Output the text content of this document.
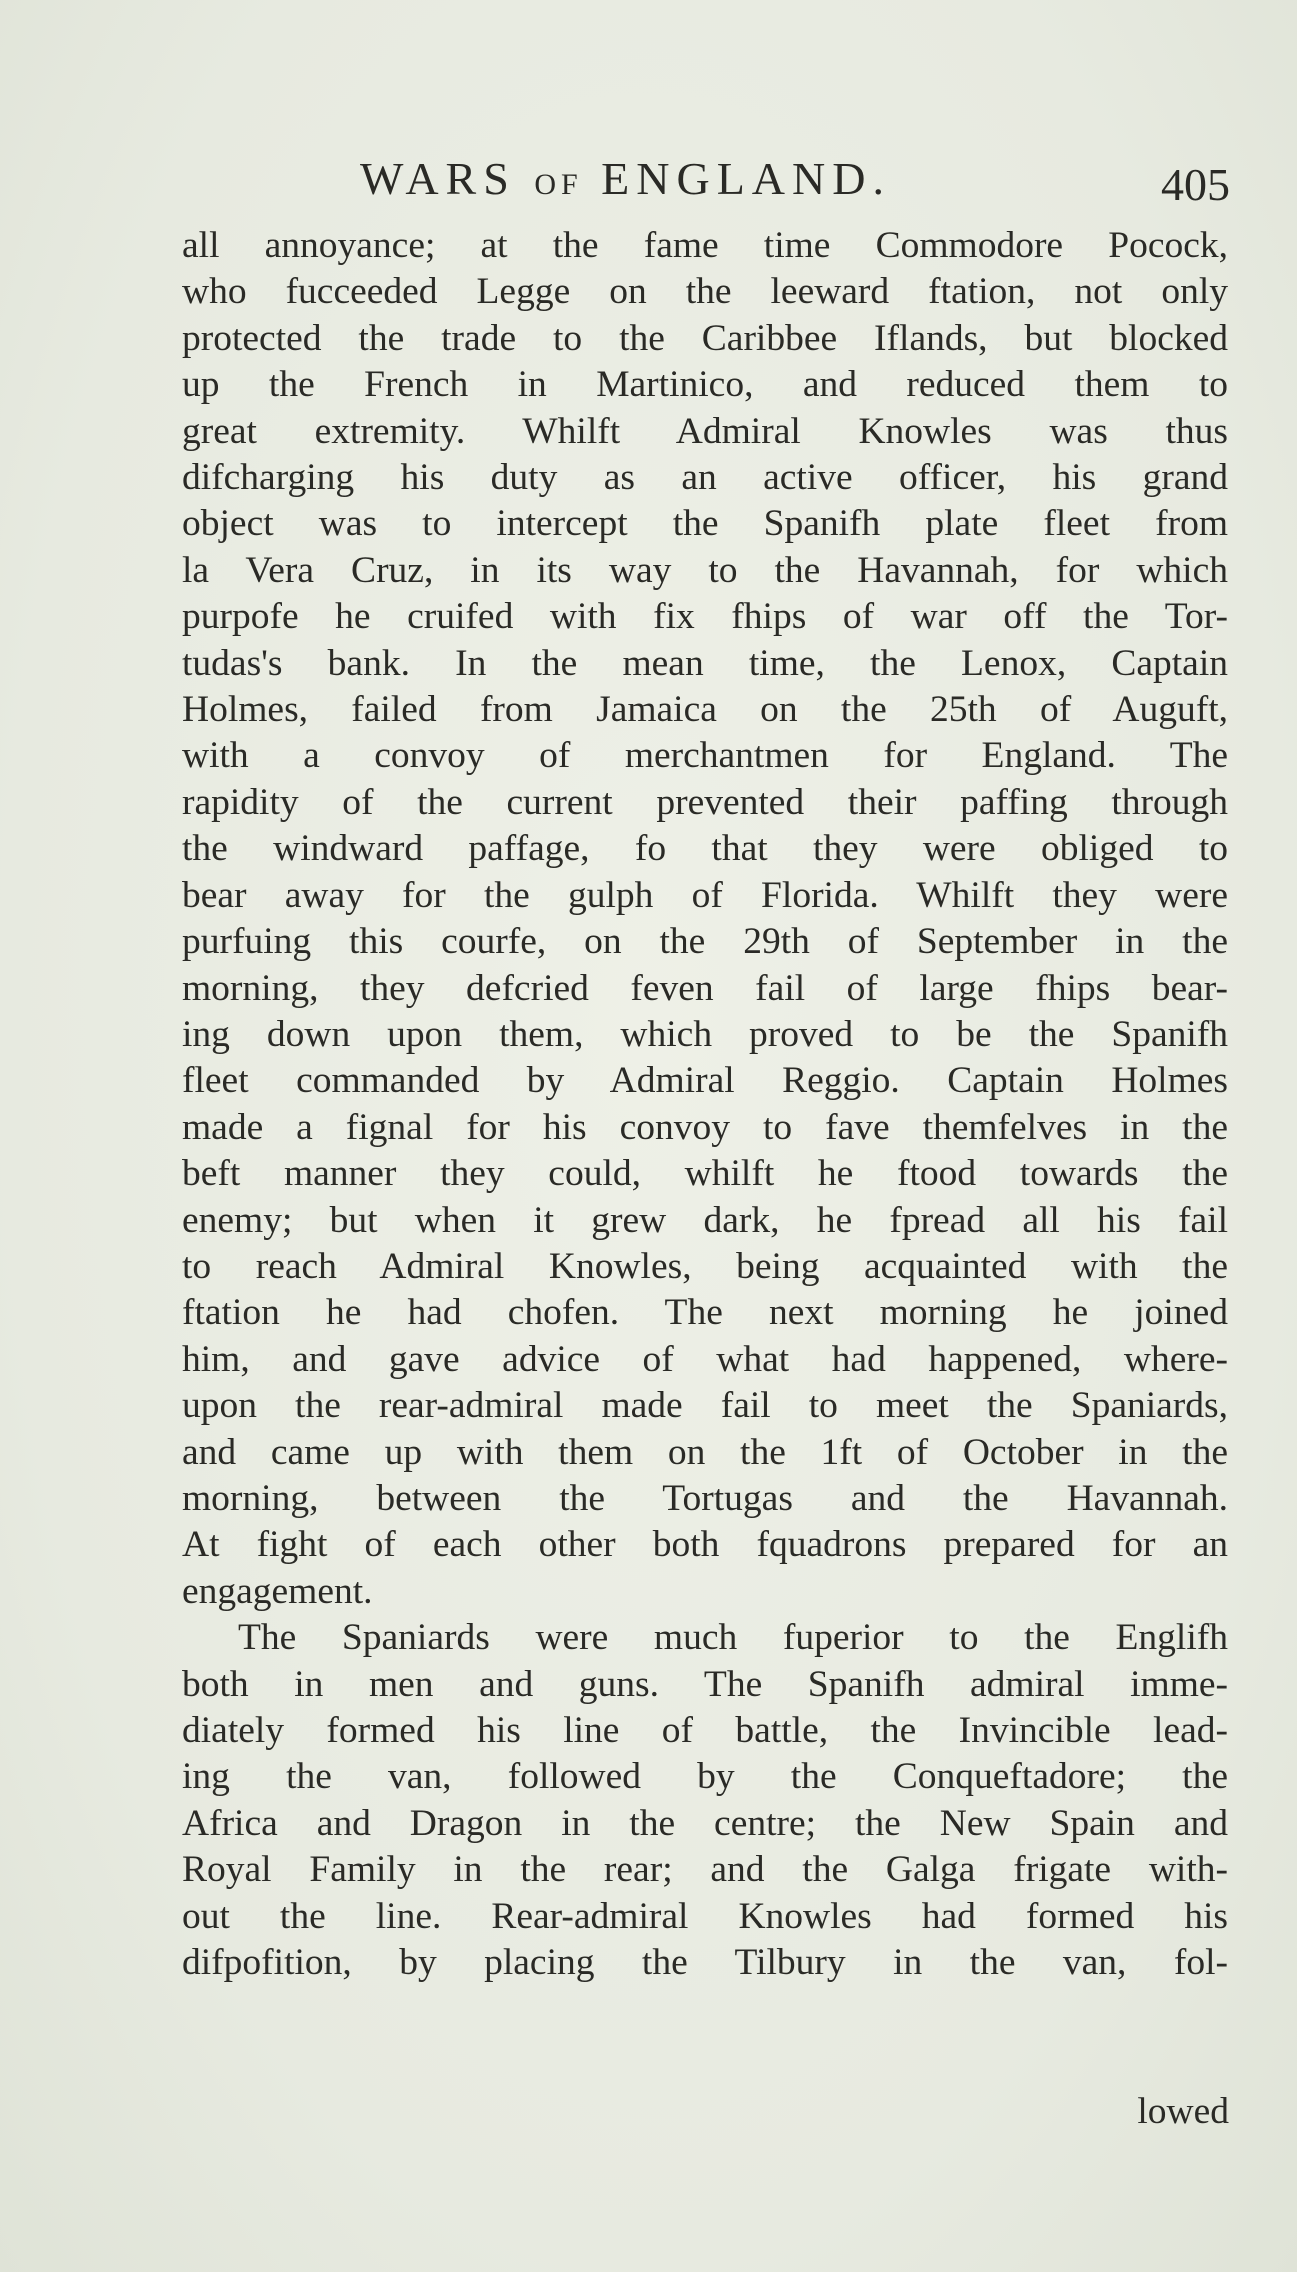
WARS OF ENGLAND.	405
all annoyance; at the fame time Commodore Pocock,
who fucceeded Legge on the leeward ftation, not only
protected the trade to the Caribbee Iflands, but blocked
up the French in Martinico, and reduced them to
great extremity. Whilft Admiral Knowles was thus
difcharging his duty as an active officer, his grand
object was to intercept the Spanifh plate fleet from
la Vera Cruz, in its way to the Havannah, for which
purpofe he cruifed with fix fhips of war off the Tor-
tudas's bank. In the mean time, the Lenox, Captain
Holmes, failed from Jamaica on the 25th of Auguft,
with a convoy of merchantmen for England. The
rapidity of the current prevented their paffing through
the windward paffage, fo that they were obliged to
bear away for the gulph of Florida. Whilft they were
purfuing this courfe, on the 29th of September in the
morning, they defcried feven fail of large fhips bear-
ing down upon them, which proved to be the Spanifh
fleet commanded by Admiral Reggio. Captain Holmes
made a fignal for his convoy to fave themfelves in the
beft manner they could, whilft he ftood towards the
enemy; but when it grew dark, he fpread all his fail
to reach Admiral Knowles, being acquainted with the
ftation he had chofen. The next morning he joined
him, and gave advice of what had happened, where-
upon the rear-admiral made fail to meet the Spaniards,
and came up with them on the 1ft of October in the
morning, between the Tortugas and the Havannah.
At fight of each other both fquadrons prepared for an
engagement.
The Spaniards were much fuperior to the Englifh
both in men and guns. The Spanifh admiral imme-
diately formed his line of battle, the Invincible lead-
ing the van, followed by the Conqueftadore; the
Africa and Dragon in the centre; the New Spain and
Royal Family in the rear; and the Galga frigate with-
out the line. Rear-admiral Knowles had formed his
difpofition, by placing the Tilbury in the van, fol-
lowed
